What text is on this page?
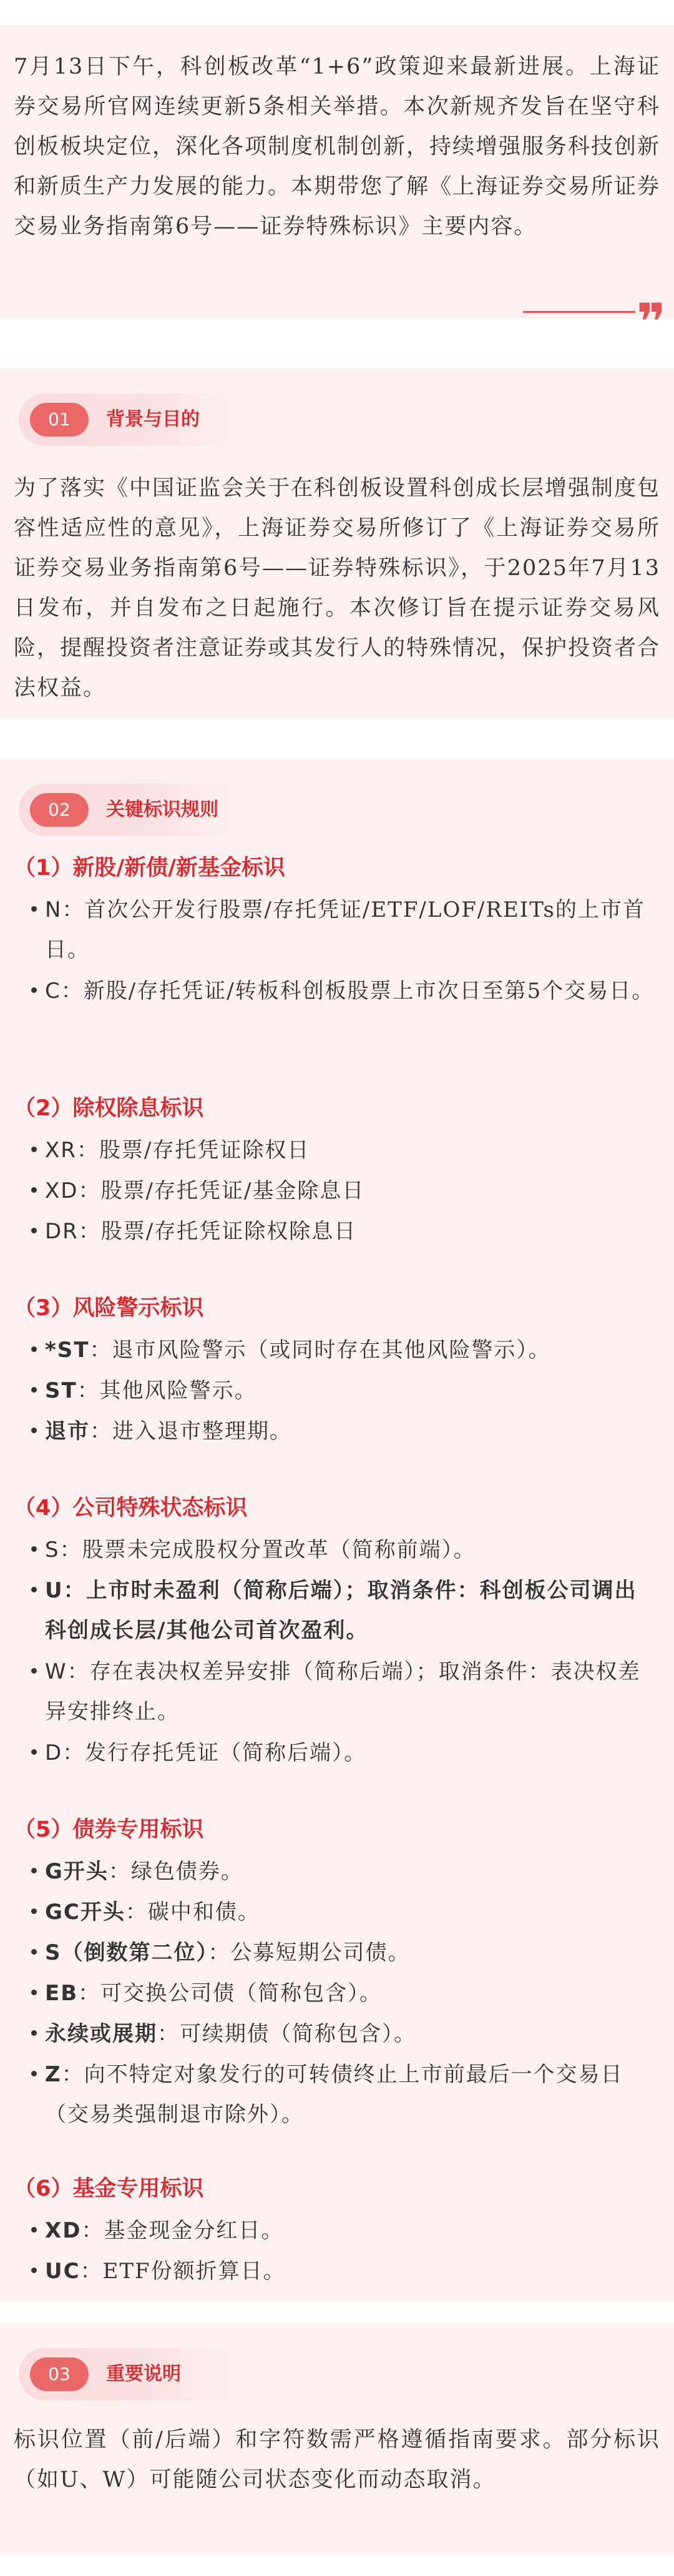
7月13日下午，科创板改革“1+6”政策迎来最新进展。上海证券交易所官网连续更新5条相关举措。本次新规齐发旨在坚守科创板板块定位，深化各项制度机制创新，持续增强服务科技创新和新质生产力发展的能力。本期带您了解《上海证券交易所证券交易业务指南第6号——证券特殊标识》主要内容。
❞
01	背景与目的
为了落实《中国证监会关于在科创板设置科创成长层增强制度包容性适应性的意见》，上海证券交易所修订了《上海证券交易所证券交易业务指南第6号——证券特殊标识》，于2025年7月13日发布，并自发布之日起施行。本次修订旨在提示证券交易风险，提醒投资者注意证券或其发行人的特殊情况，保护投资者合法权益。
02	关键标识规则
（1）新股/新债/新基金标识
N：首次公开发行股票/存托凭证/ETF/LOF/REITs的上市首日。
C：新股/存托凭证/转板科创板股票上市次日至第5个交易日。
（2）除权除息标识
XR：股票/存托凭证除权日
XD：股票/存托凭证/基金除息日
DR：股票/存托凭证除权除息日
（3）风险警示标识
*ST：退市风险警示（或同时存在其他风险警示）。
ST：其他风险警示。
退市：进入退市整理期。
（4）公司特殊状态标识
S：股票未完成股权分置改革（简称前端）。
U：上市时未盈利（简称后端）；取消条件：科创板公司调出科创成长层/其他公司首次盈利。
W：存在表决权差异安排（简称后端）；取消条件：表决权差异安排终止。
D：发行存托凭证（简称后端）。
（5）债券专用标识
G开头：绿色债券。
GC开头：碳中和债。
S（倒数第二位）：公募短期公司债。
EB：可交换公司债（简称包含）。
永续或展期：可续期债（简称包含）。
Z：向不特定对象发行的可转债终止上市前最后一个交易日（交易类强制退市除外）。
（6）基金专用标识
XD：基金现金分红日。
UC：ETF份额折算日。
03	重要说明
标识位置（前/后端）和字符数需严格遵循指南要求。部分标识（如U、W）可能随公司状态变化而动态取消。
